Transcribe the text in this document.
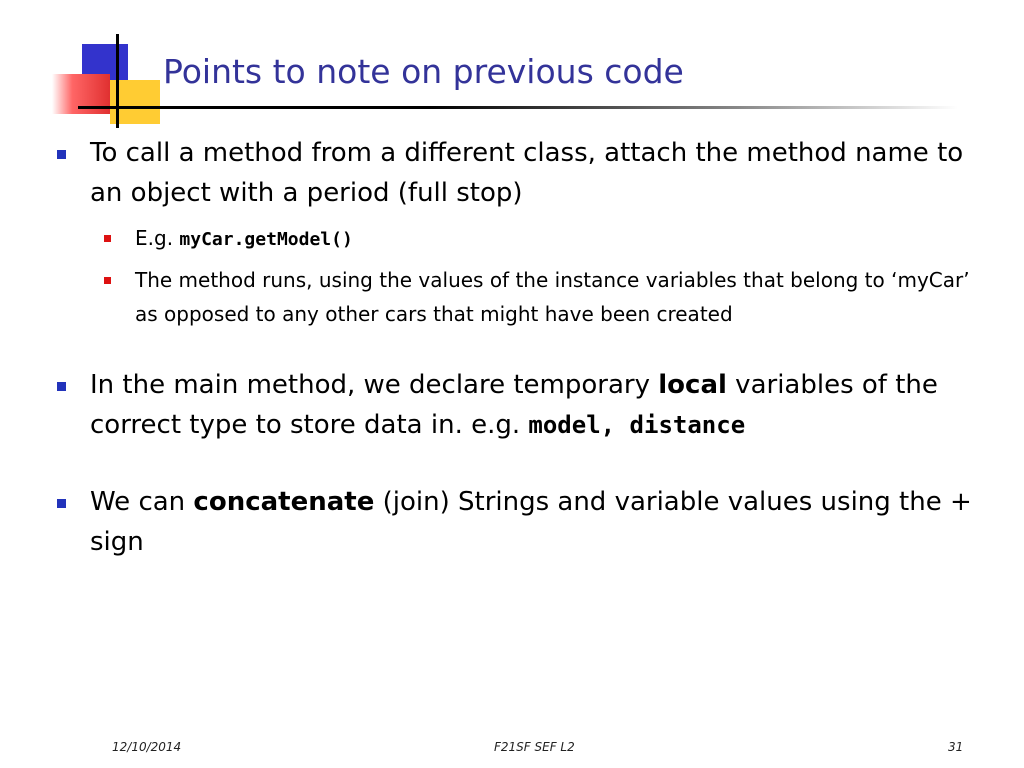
Points to note on previous code
To call a method from a different class, attach the method name to an object with a period (full stop)
E.g. myCar.getModel()
The method runs, using the values of the instance variables that belong to ‘myCar’ as opposed to any other cars that might have been created
In the main method, we declare temporary local variables of the correct type to store data in. e.g. model, distance
We can concatenate (join) Strings and variable values using the + sign
12/10/2014	F21SF SEF L2	31
